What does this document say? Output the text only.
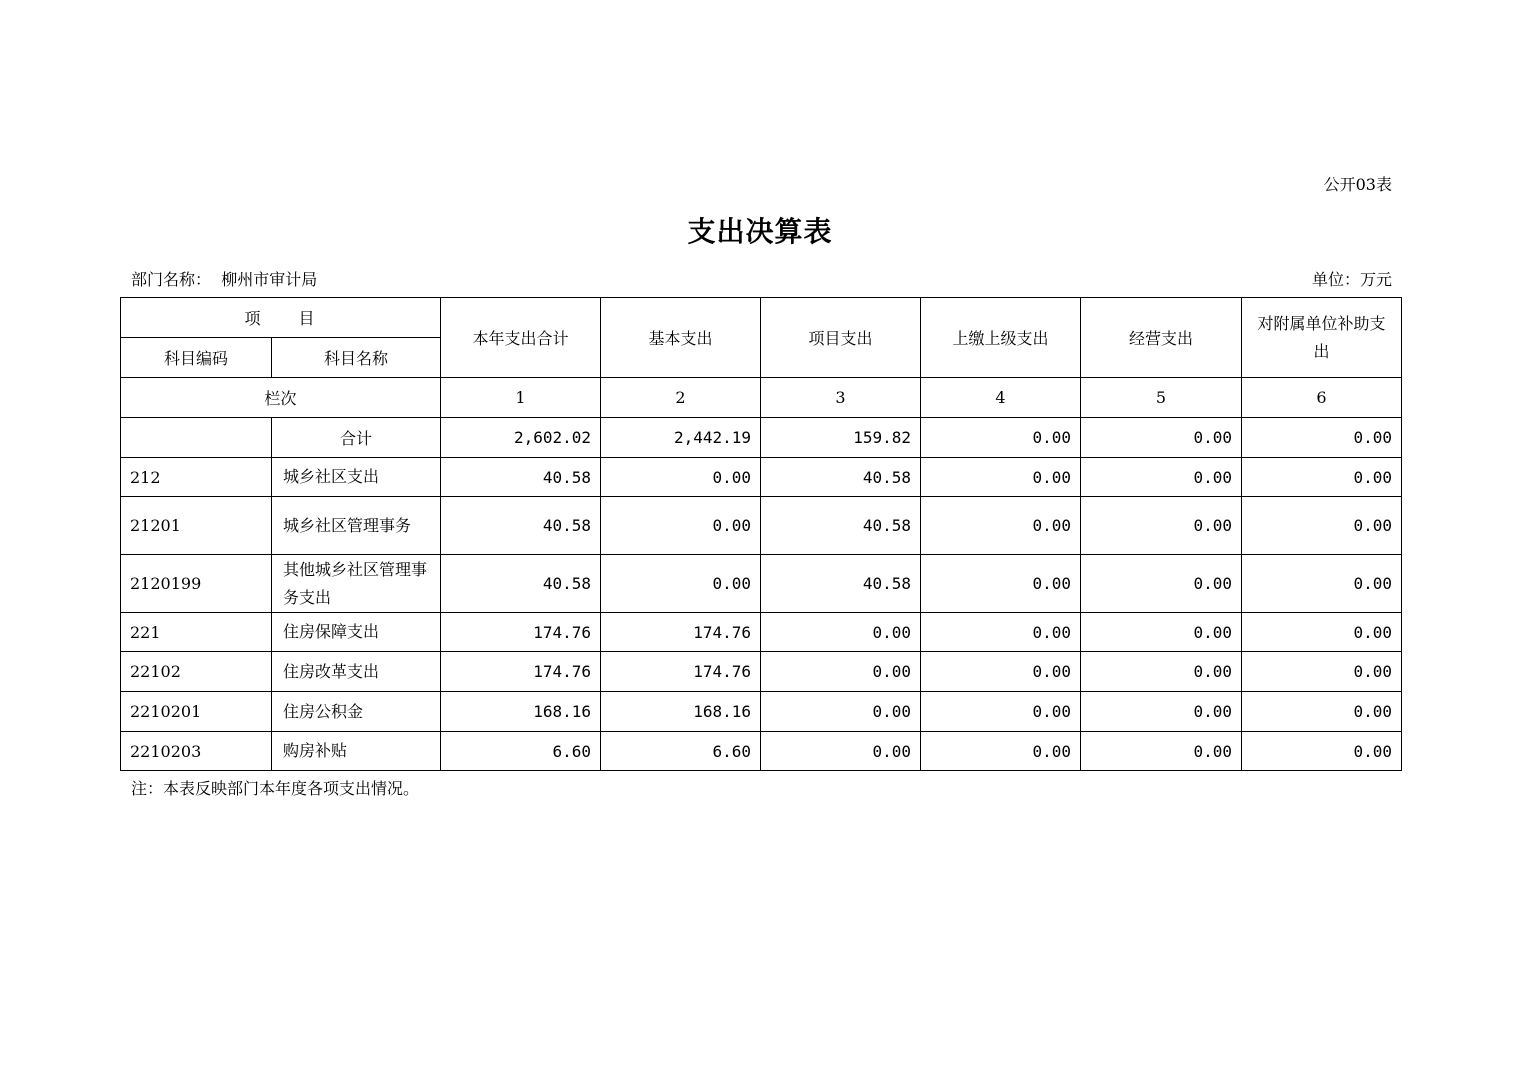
公开03表
支出决算表
部门名称： 柳州市审计局	单位：万元
项　　目		本年支出合计	基本支出	项目支出	上缴上级支出	经营支出	对附属单位补助支出
科目编码	科目名称						
栏次		1	2	3	4	5	6
	合计	2,602.02	2,442.19	159.82	0.00	0.00	0.00
212	城乡社区支出	40.58	0.00	40.58	0.00	0.00	0.00
21201	城乡社区管理事务	40.58	0.00	40.58	0.00	0.00	0.00
2120199	其他城乡社区管理事务支出	40.58	0.00	40.58	0.00	0.00	0.00
221	住房保障支出	174.76	174.76	0.00	0.00	0.00	0.00
22102	住房改革支出	174.76	174.76	0.00	0.00	0.00	0.00
2210201	住房公积金	168.16	168.16	0.00	0.00	0.00	0.00
2210203	购房补贴	6.60	6.60	0.00	0.00	0.00	0.00
注：本表反映部门本年度各项支出情况。
